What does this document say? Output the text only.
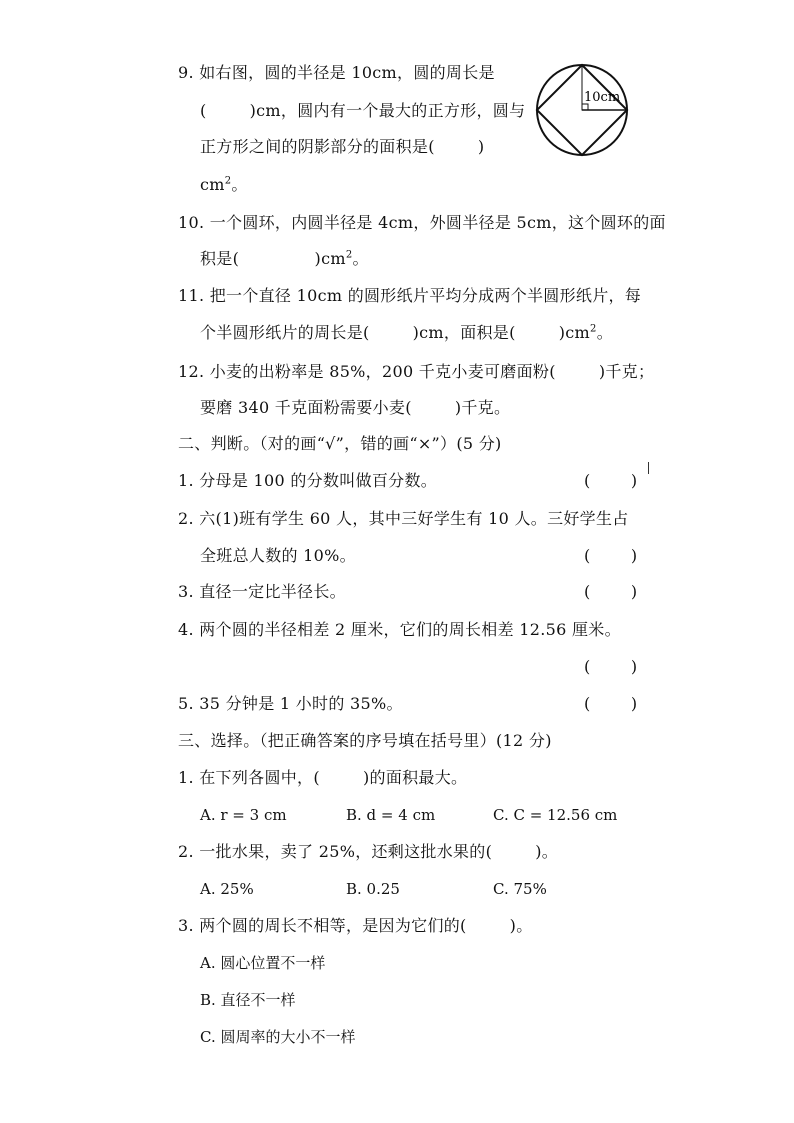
9. 如右图，圆的半径是 10cm，圆的周长是
(        )cm，圆内有一个最大的正方形，圆与
正方形之间的阴影部分的面积是(        )
$cm^2$。
10cm
10. 一个圆环，内圆半径是 4cm，外圆半径是 5cm，这个圆环的面
积是(              )$cm^2$。
11. 把一个直径 10cm 的圆形纸片平均分成两个半圆形纸片，每
个半圆形纸片的周长是(        )cm，面积是(        )$cm^2$。
12. 小麦的出粉率是 85%，200 千克小麦可磨面粉(        )千克；
要磨 340 千克面粉需要小麦(        )千克。
二、判断。（对的画“√”，错的画“×”）(5 分)
1. 分母是 100 的分数叫做百分数。	(        )
2. 六(1)班有学生 60 人，其中三好学生有 10 人。三好学生占
全班总人数的 10%。	(        )
3. 直径一定比半径长。	(        )
4. 两个圆的半径相差 2 厘米，它们的周长相差 12.56 厘米。
(        )
5. 35 分钟是 1 小时的 35%。	(        )
三、选择。（把正确答案的序号填在括号里）(12 分)
1. 在下列各圆中，(        )的面积最大。
A. r = 3 cm	B. d = 4 cm	C. C = 12.56 cm
2. 一批水果，卖了 25%，还剩这批水果的(        )。
A. 25%	B. 0.25	C. 75%
3. 两个圆的周长不相等，是因为它们的(        )。
A. 圆心位置不一样
B. 直径不一样
C. 圆周率的大小不一样
